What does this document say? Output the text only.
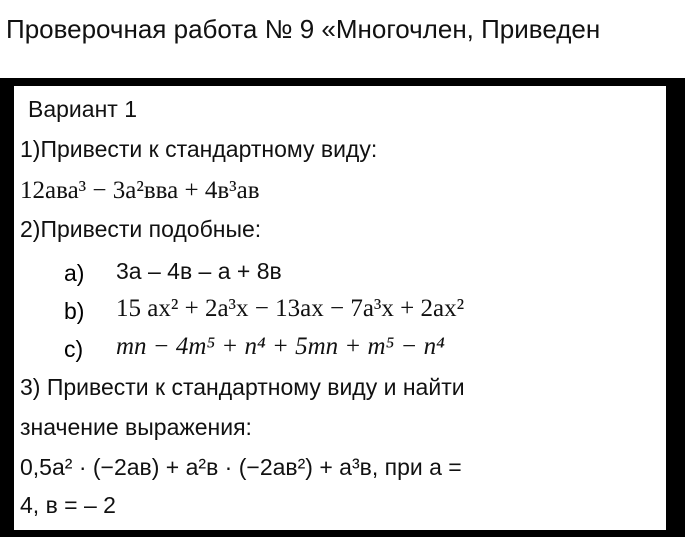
Проверочная работа № 9 «Многочлен, Приведен
Вариант 1
1)Привести к стандартному виду:
12ава³ − 3а²вва + 4в³ав
2)Привести подобные:
а) 3а – 4в – а + 8в
b) 15 ax² + 2a³x − 13ax − 7a³x + 2ax²
c) mn − 4m⁵ + n⁴ + 5mn + m⁵ − n⁴
3) Привести к стандартному виду и найти
значение выражения:
0,5а² · (−2ав) + а²в · (−2ав²) + а³в, при а =
4, в = – 2
